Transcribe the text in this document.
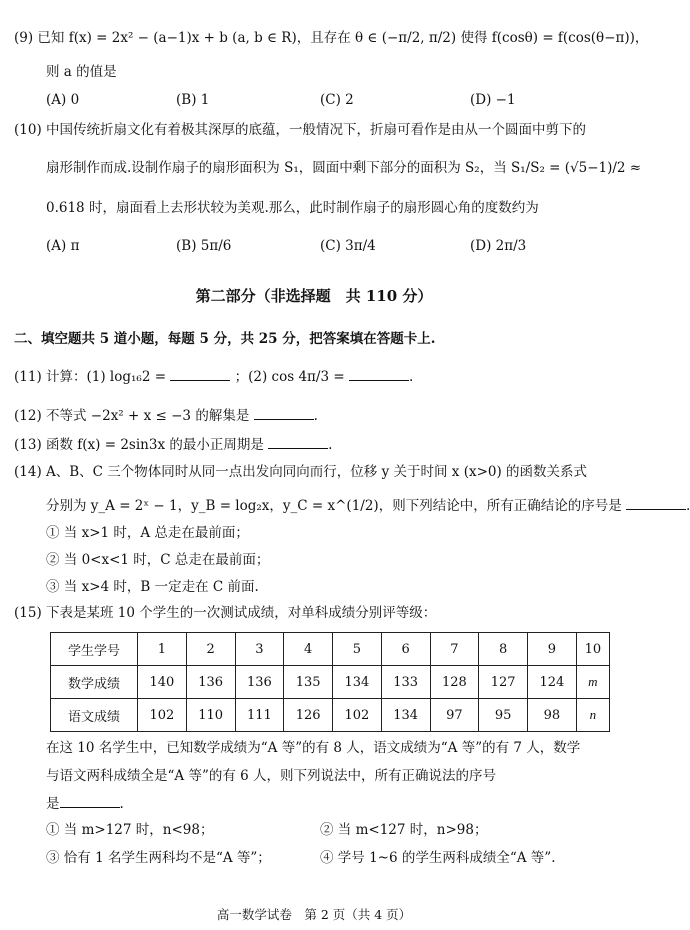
(9) 已知 f(x) = 2x² − (a−1)x + b (a, b ∈ R)，且存在 θ ∈ (−π/2, π/2) 使得 f(cosθ) = f(cos(θ−π))，
则 a 的值是
(A) 0	(B) 1	(C) 2	(D) −1
(10) 中国传统折扇文化有着极其深厚的底蕴，一般情况下，折扇可看作是由从一个圆面中剪下的
扇形制作而成.设制作扇子的扇形面积为 S₁，圆面中剩下部分的面积为 S₂，当 S₁/S₂ = (√5−1)/2 ≈
0.618 时，扇面看上去形状较为美观.那么，此时制作扇子的扇形圆心角的度数约为
(A) π	(B) 5π/6	(C) 3π/4	(D) 2π/3
第二部分（非选择题　共 110 分）
二、填空题共 5 道小题，每题 5 分，共 25 分，把答案填在答题卡上.
(11) 计算：(1) log₁₆2 =	；(2) cos 4π/3 =	.
(12) 不等式 −2x² + x ≤ −3 的解集是	.
(13) 函数 f(x) = 2sin3x 的最小正周期是	.
(14) A、B、C 三个物体同时从同一点出发向同向而行，位移 y 关于时间 x (x>0) 的函数关系式
分别为 y_A = 2ˣ − 1，y_B = log₂x，y_C = x^(1/2)，则下列结论中，所有正确结论的序号是	.
① 当 x>1 时，A 总走在最前面；
② 当 0<x<1 时，C 总走在最前面；
③ 当 x>4 时，B 一定走在 C 前面.
(15) 下表是某班 10 个学生的一次测试成绩，对单科成绩分别评等级：
学生学号	1	2	3	4	5	6	7	8	9	10
数学成绩	140	136	136	135	134	133	128	127	124	m
语文成绩	102	110	111	126	102	134	97	95	98	n
在这 10 名学生中，已知数学成绩为“A 等”的有 8 人，语文成绩为“A 等”的有 7 人，数学
与语文两科成绩全是“A 等”的有 6 人，则下列说法中，所有正确说法的序号
是	.
① 当 m>127 时，n<98；	② 当 m<127 时，n>98；
③ 恰有 1 名学生两科均不是“A 等”；	④ 学号 1~6 的学生两科成绩全“A 等”.
高一数学试卷　第 2 页（共 4 页）
